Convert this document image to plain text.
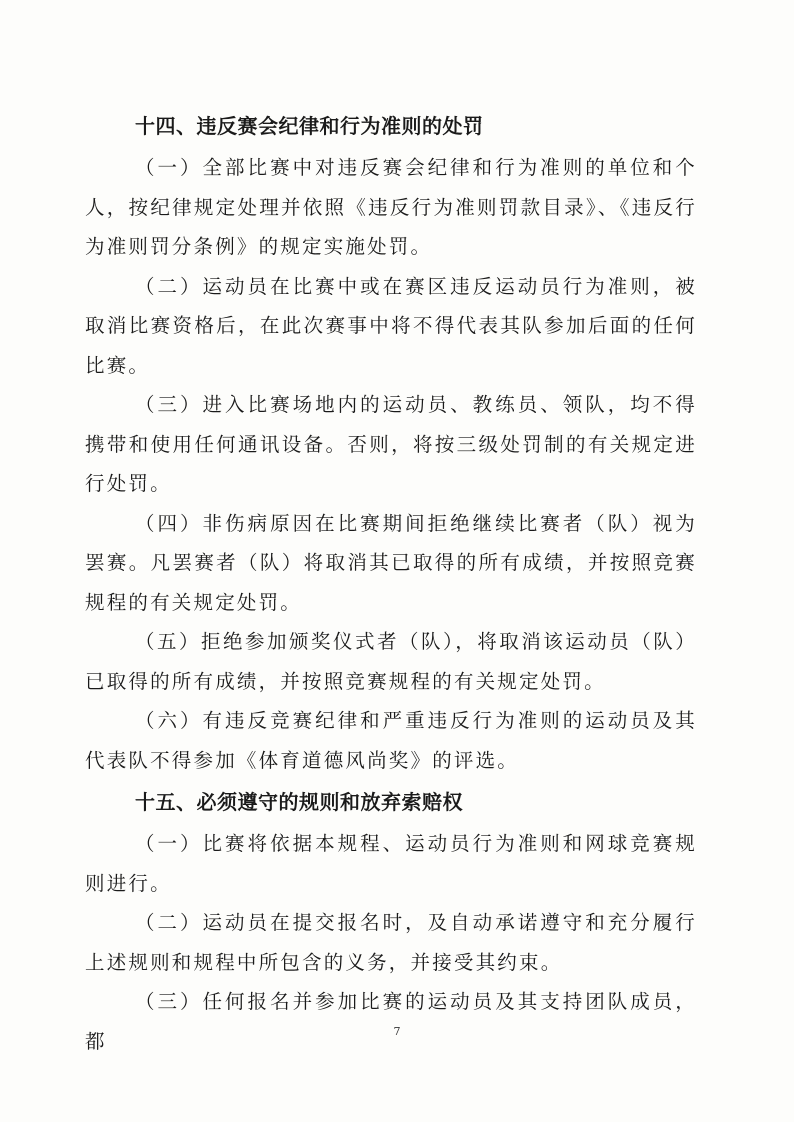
十四、违反赛会纪律和行为准则的处罚

（一）全部比赛中对违反赛会纪律和行为准则的单位和个人，按纪律规定处理并依照《违反行为准则罚款目录》、《违反行为准则罚分条例》的规定实施处罚。

（二）运动员在比赛中或在赛区违反运动员行为准则，被取消比赛资格后，在此次赛事中将不得代表其队参加后面的任何比赛。

（三）进入比赛场地内的运动员、教练员、领队，均不得携带和使用任何通讯设备。否则，将按三级处罚制的有关规定进行处罚。

（四）非伤病原因在比赛期间拒绝继续比赛者（队）视为罢赛。凡罢赛者（队）将取消其已取得的所有成绩，并按照竞赛规程的有关规定处罚。

（五）拒绝参加颁奖仪式者（队），将取消该运动员（队）已取得的所有成绩，并按照竞赛规程的有关规定处罚。

（六）有违反竞赛纪律和严重违反行为准则的运动员及其代表队不得参加《体育道德风尚奖》的评选。

十五、必须遵守的规则和放弃索赔权

（一）比赛将依据本规程、运动员行为准则和网球竞赛规则进行。

（二）运动员在提交报名时，及自动承诺遵守和充分履行上述规则和规程中所包含的义务，并接受其约束。

（三）任何报名并参加比赛的运动员及其支持团队成员，都	7
